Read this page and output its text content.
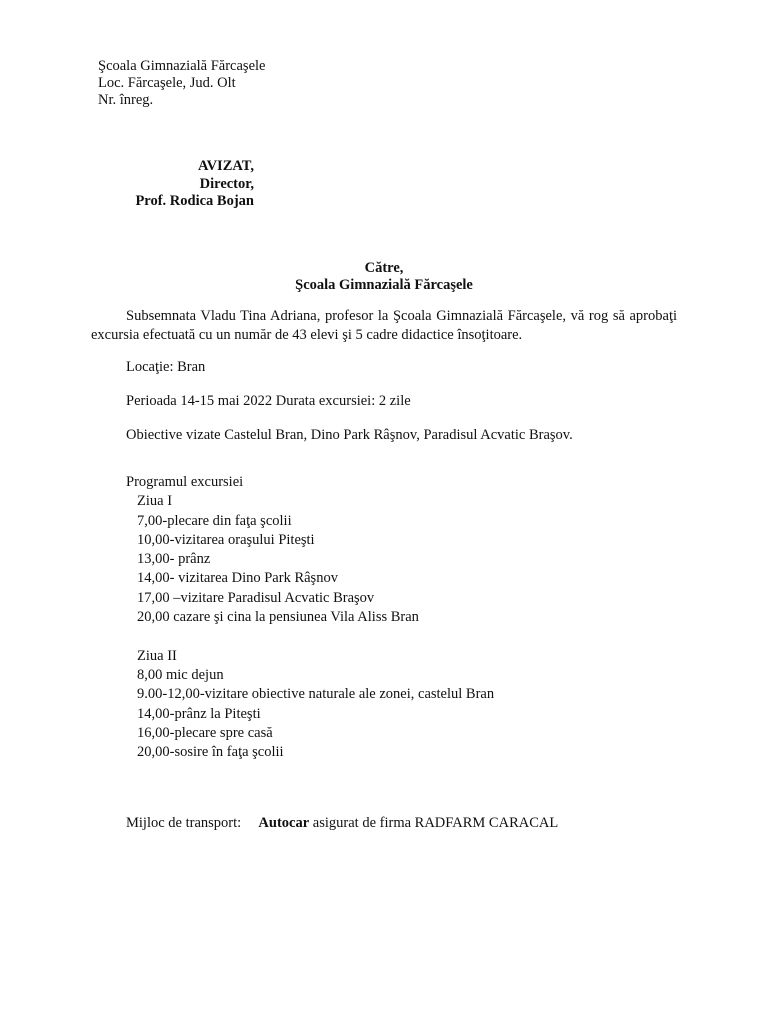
Şcoala Gimnazială Fărcaşele
Loc. Fărcaşele, Jud. Olt
Nr. înreg.
AVIZAT,
Director,
Prof. Rodica Bojan
Către,
Şcoala Gimnazială Fărcaşele
Subsemnata Vladu Tina Adriana, profesor la Şcoala Gimnazială Fărcaşele, vă rog să aprobaţi excursia efectuată cu un număr de 43 elevi şi 5 cadre didactice însoţitoare.
Locaţie: Bran
Perioada 14-15 mai 2022 Durata excursiei: 2 zile
Obiective vizate Castelul Bran, Dino Park Râşnov, Paradisul Acvatic Braşov.
Programul excursiei
Ziua I
7,00-plecare din faţa şcolii
10,00-vizitarea oraşului Piteşti
13,00- prânz
14,00- vizitarea Dino Park Râşnov
17,00 –vizitare Paradisul Acvatic Braşov
20,00 cazare şi cina la pensiunea Vila Aliss Bran
Ziua II
8,00 mic dejun
9.00-12,00-vizitare obiective naturale ale zonei, castelul Bran
14,00-prânz la Piteşti
16,00-plecare spre casă
20,00-sosire în faţa şcolii
Mijloc de transport: Autocar asigurat de firma RADFARM CARACAL
